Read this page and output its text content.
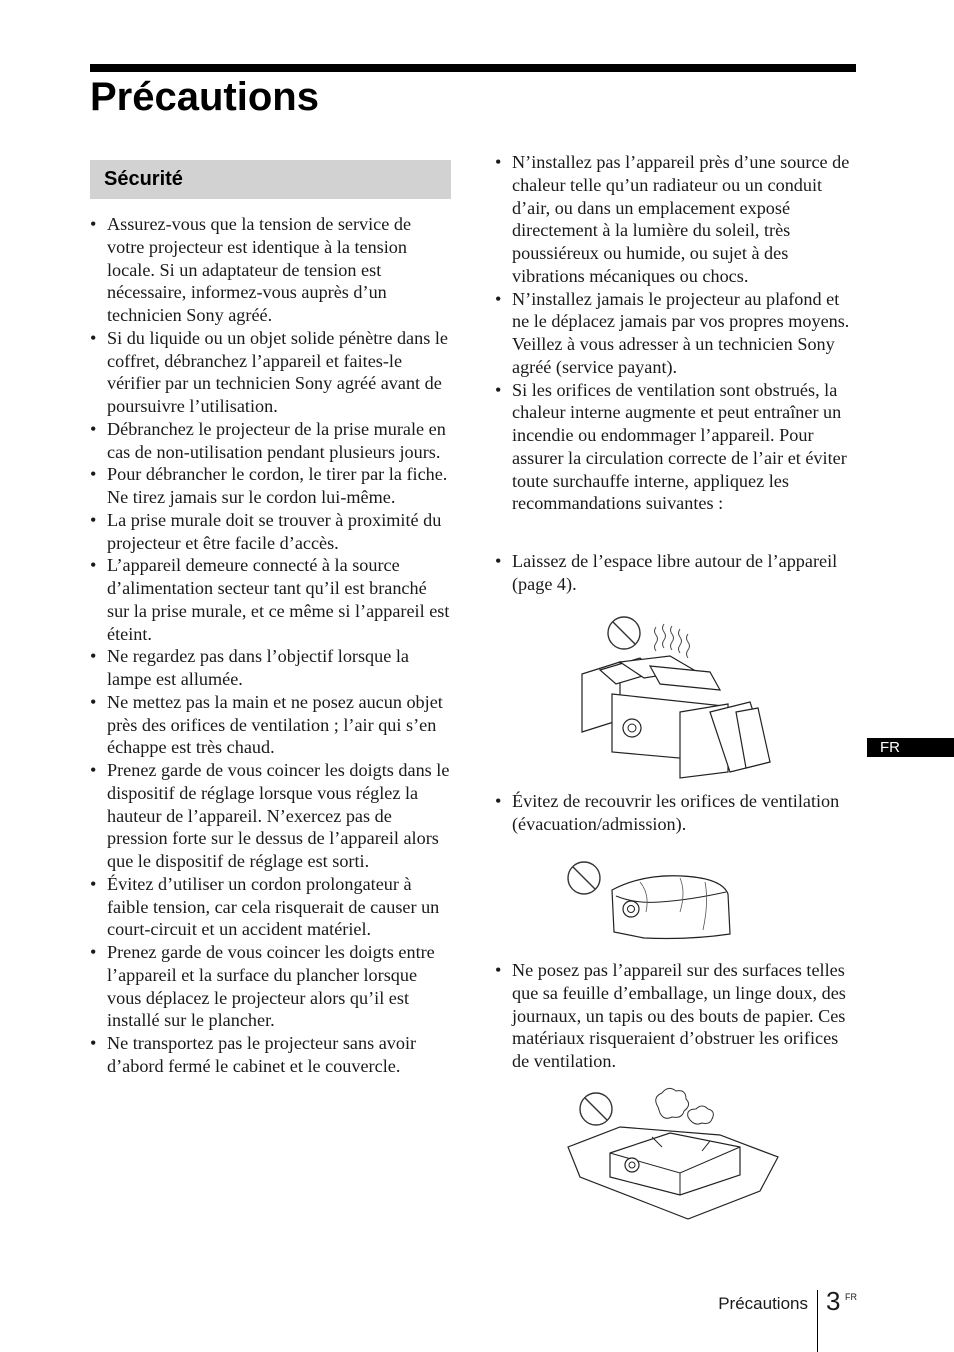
Précautions
Sécurité
• Assurez-vous que la tension de service de votre projecteur est identique à la tension locale. Si un adaptateur de tension est nécessaire, informez-vous auprès d’un technicien Sony agréé.
• Si du liquide ou un objet solide pénètre dans le coffret, débranchez l’appareil et faites-le vérifier par un technicien Sony agréé avant de poursuivre l’utilisation.
• Débranchez le projecteur de la prise murale en cas de non-utilisation pendant plusieurs jours.
• Pour débrancher le cordon, le tirer par la fiche. Ne tirez jamais sur le cordon lui-même.
• La prise murale doit se trouver à proximité du projecteur et être facile d’accès.
• L’appareil demeure connecté à la source d’alimentation secteur tant qu’il est branché sur la prise murale, et ce même si l’appareil est éteint.
• Ne regardez pas dans l’objectif lorsque la lampe est allumée.
• Ne mettez pas la main et ne posez aucun objet près des orifices de ventilation ; l’air qui s’en échappe est très chaud.
• Prenez garde de vous coincer les doigts dans le dispositif de réglage lorsque vous réglez la hauteur de l’appareil. N’exercez pas de pression forte sur le dessus de l’appareil alors que le dispositif de réglage est sorti.
• Évitez d’utiliser un cordon prolongateur à faible tension, car cela risquerait de causer un court-circuit et un accident matériel.
• Prenez garde de vous coincer les doigts entre l’appareil et la surface du plancher lorsque vous déplacez le projecteur alors qu’il est installé sur le plancher.
• Ne transportez pas le projecteur sans avoir d’abord fermé le cabinet et le couvercle.
• N’installez pas l’appareil près d’une source de chaleur telle qu’un radiateur ou un conduit d’air, ou dans un emplacement exposé directement à la lumière du soleil, très poussiéreux ou humide, ou sujet à des vibrations mécaniques ou chocs.
• N’installez jamais le projecteur au plafond et ne le déplacez jamais par vos propres moyens. Veillez à vous adresser à un technicien Sony agréé (service payant).
• Si les orifices de ventilation sont obstrués, la chaleur interne augmente et peut entraîner un incendie ou endommager l’appareil. Pour assurer la circulation correcte de l’air et éviter toute surchauffe interne, appliquez les recommandations suivantes :
• Laissez de l’espace libre autour de l’appareil (page 4).
• Évitez de recouvrir les orifices de ventilation (évacuation/admission).
• Ne posez pas l’appareil sur des surfaces telles que sa feuille d’emballage, un linge doux, des journaux, un tapis ou des bouts de papier. Ces matériaux risqueraient d’obstruer les orifices de ventilation.
FR
Précautions 3 FR
